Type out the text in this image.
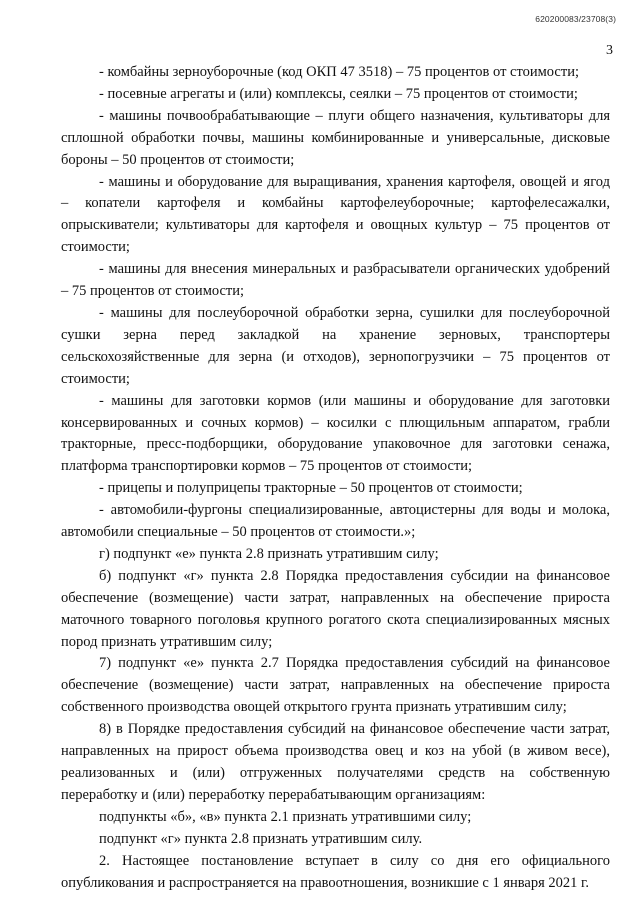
620200083/23708(3)
3

- комбайны зерноуборочные (код ОКП 47 3518) – 75 процентов от стоимости;

- посевные агрегаты и (или) комплексы, сеялки – 75 процентов от стоимости;

- машины почвообрабатывающие – плуги общего назначения, культиваторы для сплошной обработки почвы, машины комбинированные и универсальные, дисковые бороны – 50 процентов от стоимости;

- машины и оборудование для выращивания, хранения картофеля, овощей и ягод – копатели картофеля и комбайны картофелеуборочные; картофелесажалки, опрыскиватели; культиваторы для картофеля и овощных культур – 75 процентов от стоимости;

- машины для внесения минеральных и разбрасыватели органических удобрений – 75 процентов от стоимости;

- машины для послеуборочной обработки зерна, сушилки для послеуборочной сушки зерна перед закладкой на хранение зерновых, транспортеры сельскохозяйственные для зерна (и отходов), зернопогрузчики – 75 процентов от стоимости;

- машины для заготовки кормов (или машины и оборудование для заготовки консервированных и сочных кормов) – косилки с плющильным аппаратом, грабли тракторные, пресс-подборщики, оборудование упаковочное для заготовки сенажа, платформа транспортировки кормов – 75 процентов от стоимости;

- прицепы и полуприцепы тракторные – 50 процентов от стоимости;

- автомобили-фургоны специализированные, автоцистерны для воды и молока, автомобили специальные – 50 процентов от стоимости.»;

г) подпункт «е» пункта 2.8 признать утратившим силу;

б) подпункт «г» пункта 2.8 Порядка предоставления субсидии на финансовое обеспечение (возмещение) части затрат, направленных на обеспечение прироста маточного товарного поголовья крупного рогатого скота специализированных мясных пород признать утратившим силу;

7) подпункт «е» пункта 2.7 Порядка предоставления субсидий на финансовое обеспечение (возмещение) части затрат, направленных на обеспечение прироста собственного производства овощей открытого грунта признать утратившим силу;

8) в Порядке предоставления субсидий на финансовое обеспечение части затрат, направленных на прирост объема производства овец и коз на убой (в живом весе), реализованных и (или) отгруженных получателями средств на собственную переработку и (или) переработку перерабатывающим организациям:

подпункты «б», «в» пункта 2.1 признать утратившими силу;

подпункт «г» пункта 2.8 признать утратившим силу.

2. Настоящее постановление вступает в силу со дня его официального опубликования и распространяется на правоотношения, возникшие с 1 января 2021 г.
